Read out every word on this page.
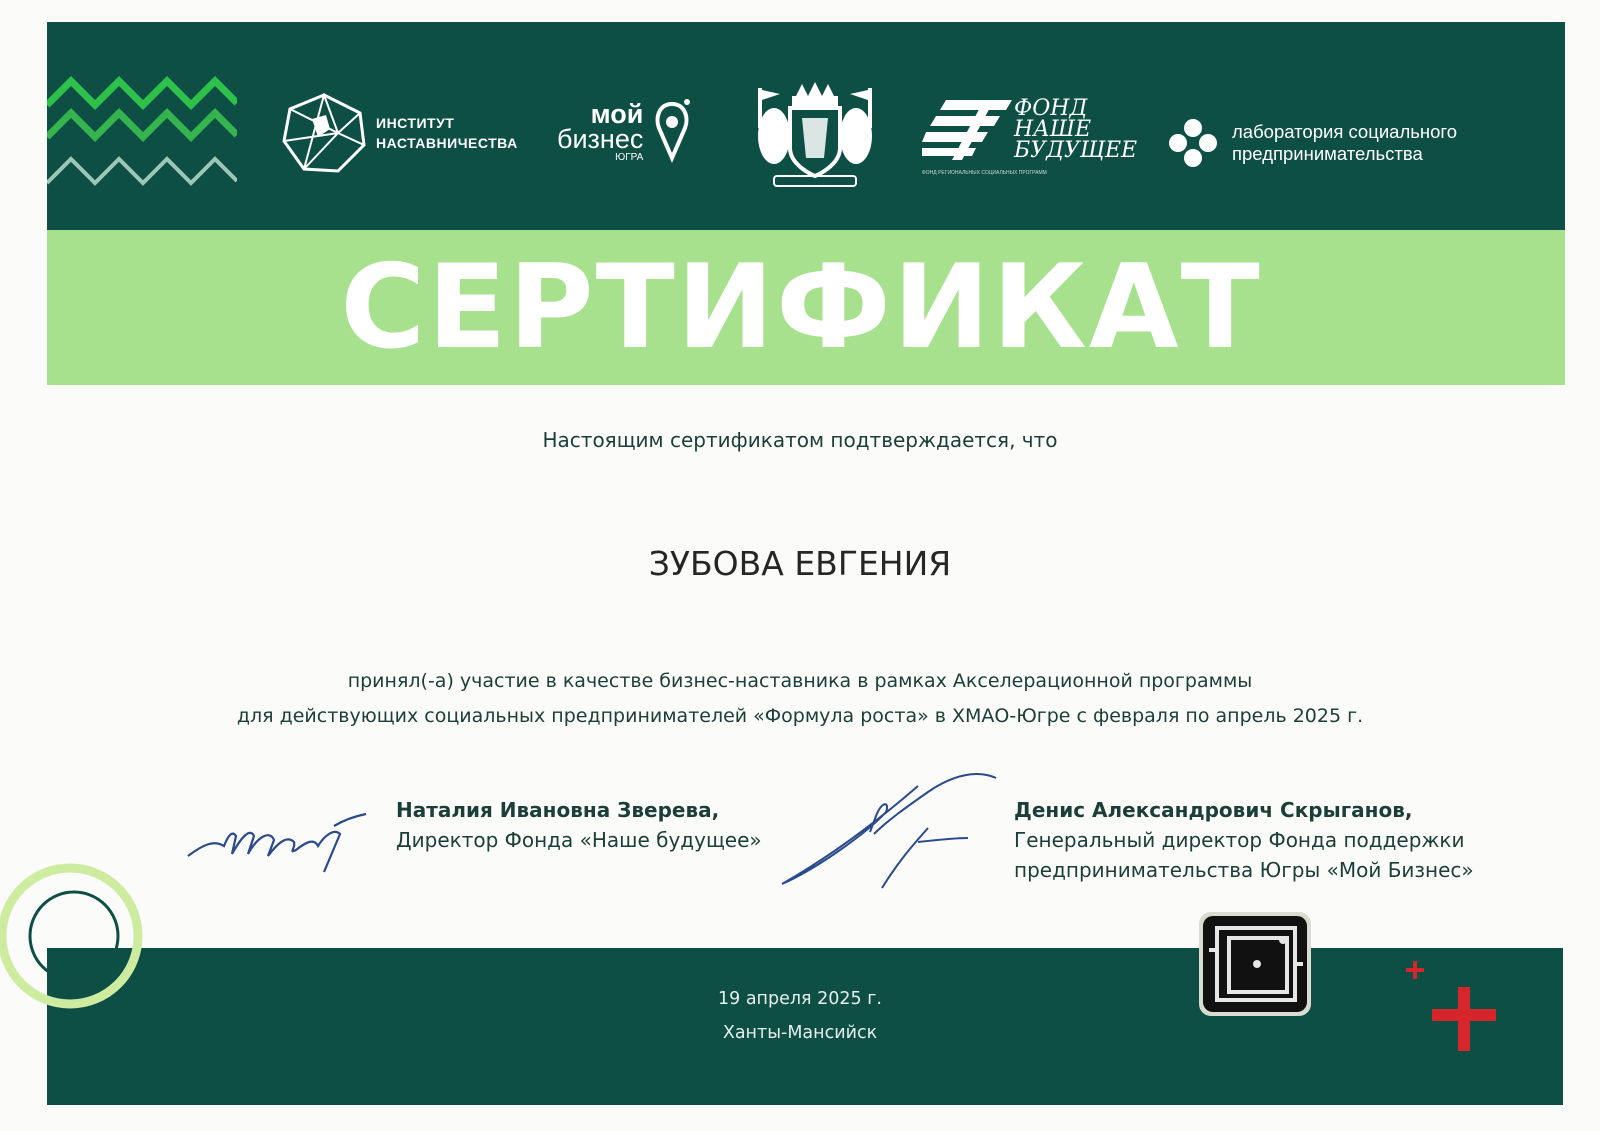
ИНСТИТУТ
НАСТАВНИЧЕСТВА
мой
бизнес
ЮГРА
ФОНД
НАШЕ
БУДУЩЕЕ
ФОНД РЕГИОНАЛЬНЫХ СОЦИАЛЬНЫХ ПРОГРАММ
лаборатория социального
предпринимательства
СЕРТИФИКАТ
Настоящим сертификатом подтверждается, что
ЗУБОВА ЕВГЕНИЯ
принял(-а) участие в качестве бизнес-наставника в рамках Акселерационной программы
для действующих социальных предпринимателей «Формула роста» в ХМАО-Югре с февраля по апрель 2025 г.
Наталия Ивановна Зверева,
Директор Фонда «Наше будущее»
Денис Александрович Скрыганов,
Генеральный директор Фонда поддержки
предпринимательства Югры «Мой Бизнес»
19 апреля 2025 г.
Ханты-Мансийск
